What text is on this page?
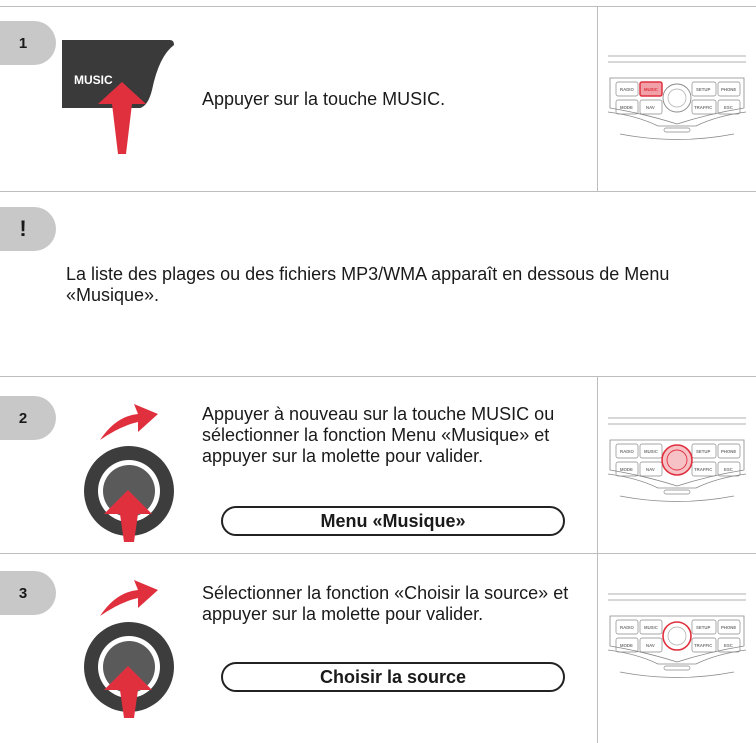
1
MUSIC

Appuyer sur la touche MUSIC.	RADIO MUSIC	SETUP PHONE
MODE	NAV	TRAFFIC	ESC
!

La liste des plages ou des fichiers MP3/WMA apparaît en dessous de Menu «Musique».

2	Appuyer à nouveau sur la touche MUSIC ou sélectionner la fonction Menu «Musique» et appuyer sur la molette pour valider.

Menu «Musique»
RADIO MUSIC	SETUP PHONE
MODE	NAV	TRAFFIC	ESC
3	Sélectionner la fonction «Choisir la source» et appuyer sur la molette pour valider.

Choisir la source
RADIO MUSIC	SETUP PHONE
MODE	NAV	TRAFFIC	ESC
